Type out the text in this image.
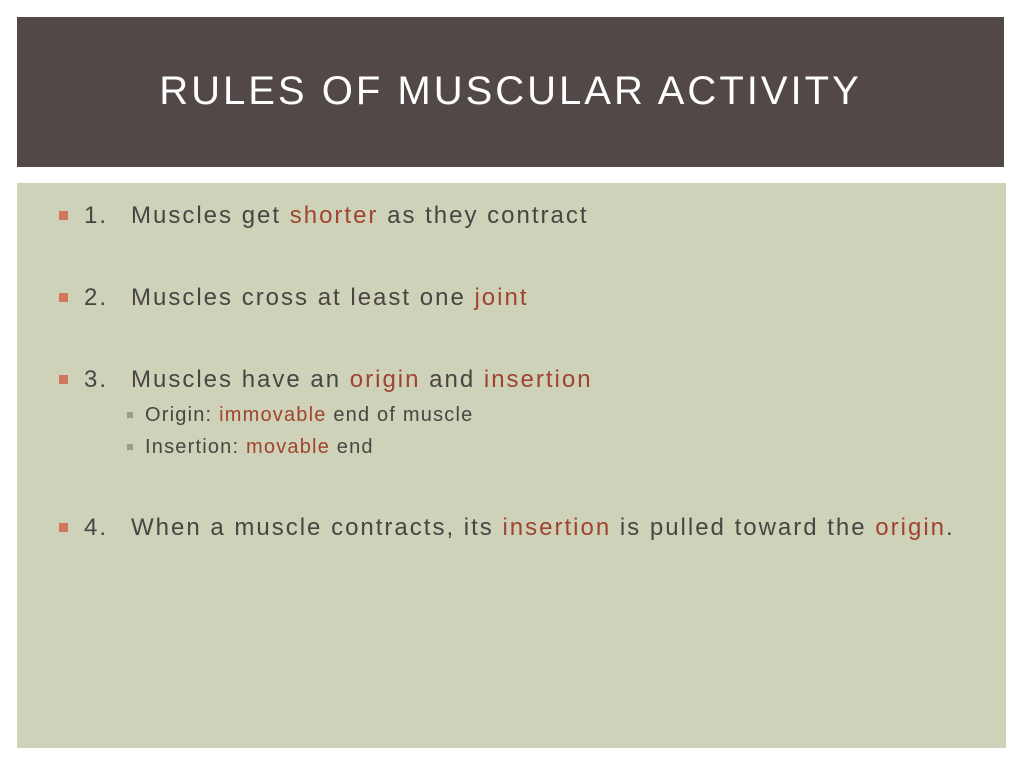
RULES OF MUSCULAR ACTIVITY
1. Muscles get shorter as they contract
2. Muscles cross at least one joint
3. Muscles have an origin and insertion
Origin: immovable end of muscle
Insertion: movable end
4. When a muscle contracts, its insertion is pulled toward the origin.
